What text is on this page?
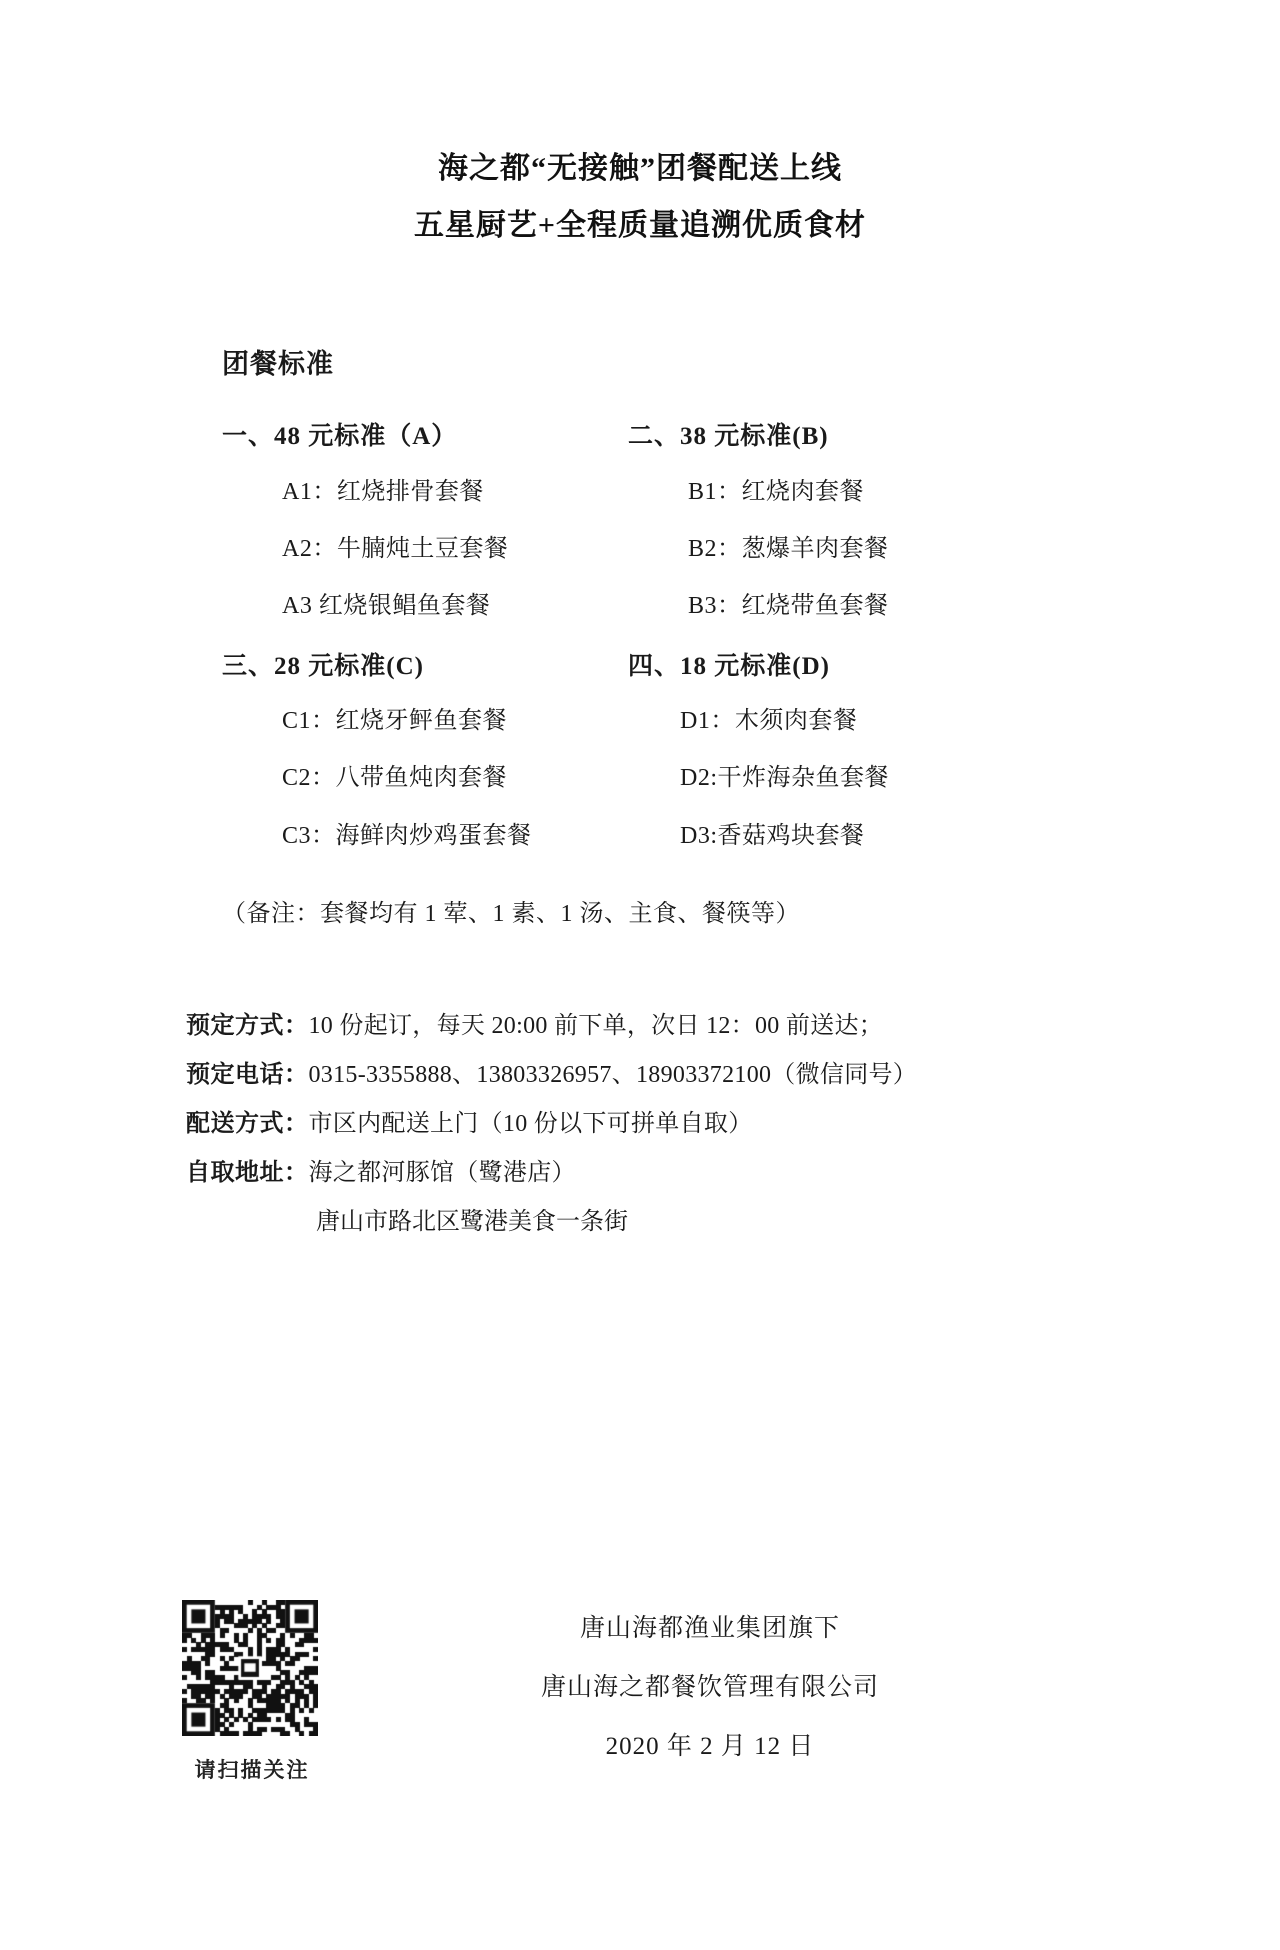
海之都“无接触”团餐配送上线
五星厨艺+全程质量追溯优质食材
团餐标准
一、48 元标准（A）
A1：红烧排骨套餐
A2：牛腩炖土豆套餐
A3 红烧银鲳鱼套餐
二、38 元标准(B)
B1：红烧肉套餐
B2：葱爆羊肉套餐
B3：红烧带鱼套餐
三、28 元标准(C)
C1：红烧牙鲆鱼套餐
C2：八带鱼炖肉套餐
C3：海鲜肉炒鸡蛋套餐
四、18 元标准(D)
D1：木须肉套餐
D2:干炸海杂鱼套餐
D3:香菇鸡块套餐
（备注：套餐均有 1 荤、1 素、1 汤、主食、餐筷等）
预定方式：10 份起订，每天 20:00 前下单，次日 12：00 前送达；
预定电话：0315-3355888、13803326957、18903372100（微信同号）
配送方式：市区内配送上门（10 份以下可拼单自取）
自取地址：海之都河豚馆（鹭港店）
唐山市路北区鹭港美食一条街
请扫描关注
唐山海都渔业集团旗下
唐山海之都餐饮管理有限公司
2020 年 2 月 12 日
